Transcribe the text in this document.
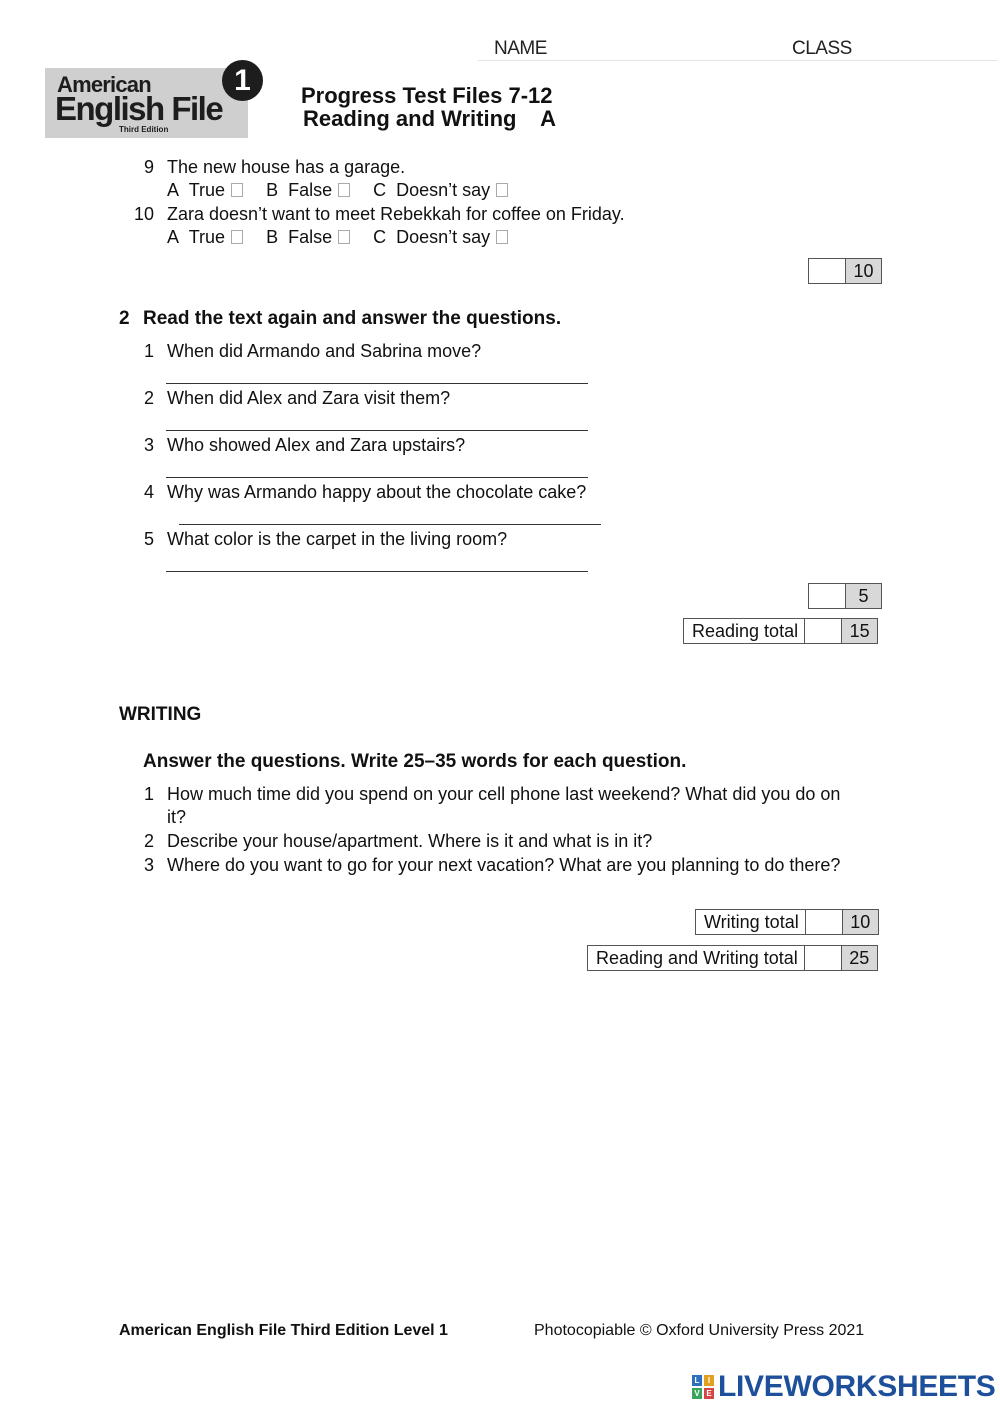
NAME	CLASS
American
English File
Third Edition
1	Progress Test Files 7-12
Reading and Writing    A
9 The new house has a garage.
A True B False C Doesn’t say
10 Zara doesn’t want to meet Rebekkah for coffee on Friday.
A True B False C Doesn’t say
10
2 Read the text again and answer the questions.
1 When did Armando and Sabrina move?
2 When did Alex and Zara visit them?
3 Who showed Alex and Zara upstairs?
4 Why was Armando happy about the chocolate cake?
5 What color is the carpet in the living room?
5
Reading total	15
WRITING
Answer the questions. Write 25–35 words for each question.
1 How much time did you spend on your cell phone last weekend? What did you do on
it?
2 Describe your house/apartment. Where is it and what is in it?
3 Where do you want to go for your next vacation? What are you planning to do there?
Writing total	10
Reading and Writing total	25
American English File Third Edition Level 1	Photocopiable © Oxford University Press 2021
L	I
V E LIVEWORKSHEETS
